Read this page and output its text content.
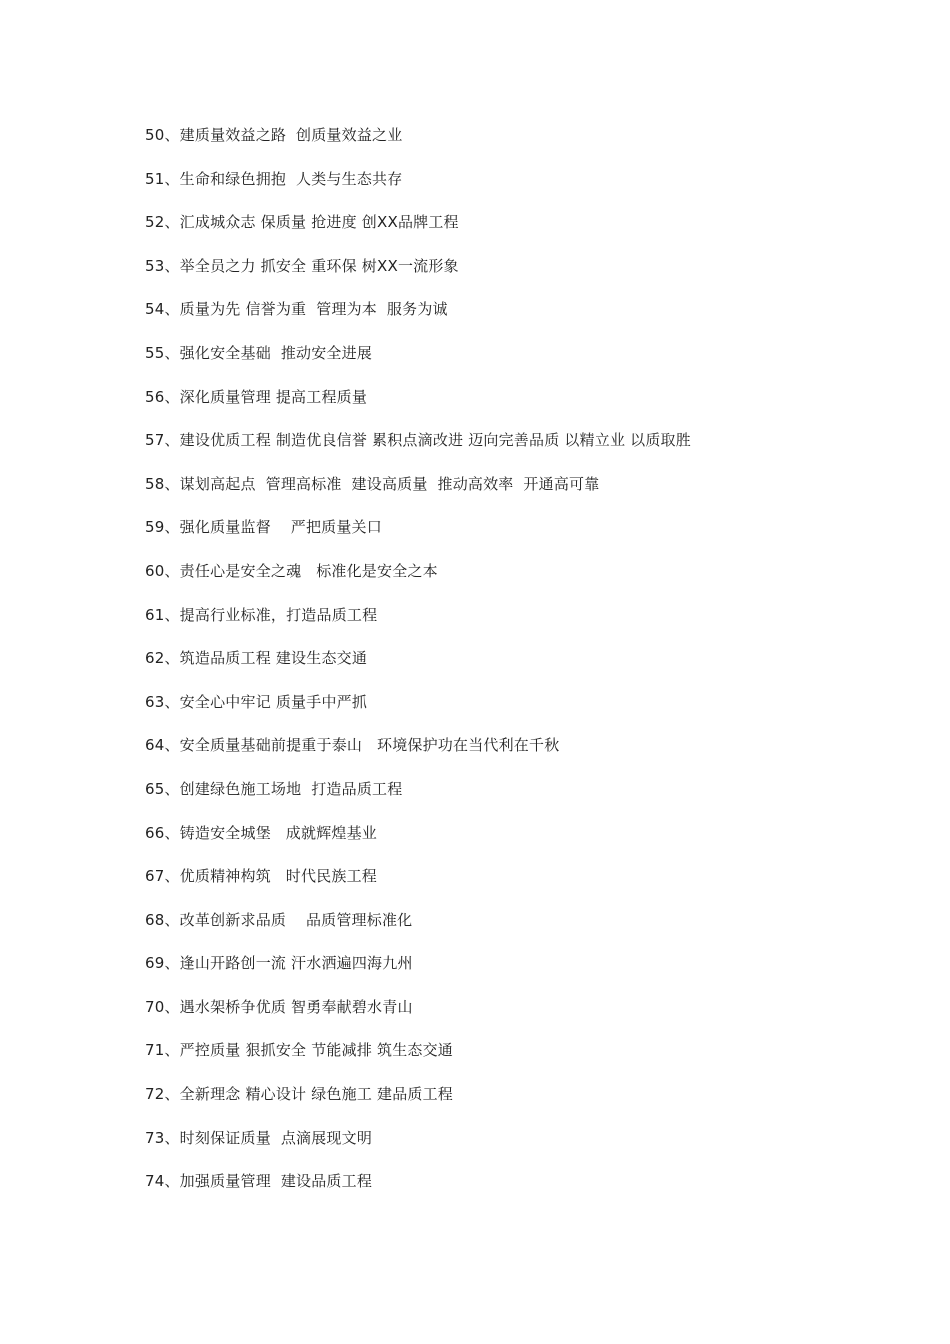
50、建质量效益之路  创质量效益之业
51、生命和绿色拥抱  人类与生态共存
52、汇成城众志 保质量 抢进度 创XX品牌工程
53、举全员之力 抓安全 重环保 树XX一流形象
54、质量为先 信誉为重  管理为本  服务为诚
55、强化安全基础  推动安全进展
56、深化质量管理 提高工程质量
57、建设优质工程 制造优良信誉 累积点滴改进 迈向完善品质 以精立业 以质取胜
58、谋划高起点  管理高标准  建设高质量  推动高效率  开通高可靠
59、强化质量监督    严把质量关口
60、责任心是安全之魂   标准化是安全之本
61、提高行业标准，打造品质工程
62、筑造品质工程 建设生态交通
63、安全心中牢记 质量手中严抓
64、安全质量基础前提重于泰山   环境保护功在当代利在千秋
65、创建绿色施工场地  打造品质工程
66、铸造安全城堡   成就辉煌基业
67、优质精神构筑   时代民族工程
68、改革创新求品质    品质管理标准化
69、逢山开路创一流 汗水洒遍四海九州
70、遇水架桥争优质 智勇奉献碧水青山
71、严控质量 狠抓安全 节能减排 筑生态交通
72、全新理念 精心设计 绿色施工 建品质工程
73、时刻保证质量  点滴展现文明
74、加强质量管理  建设品质工程
